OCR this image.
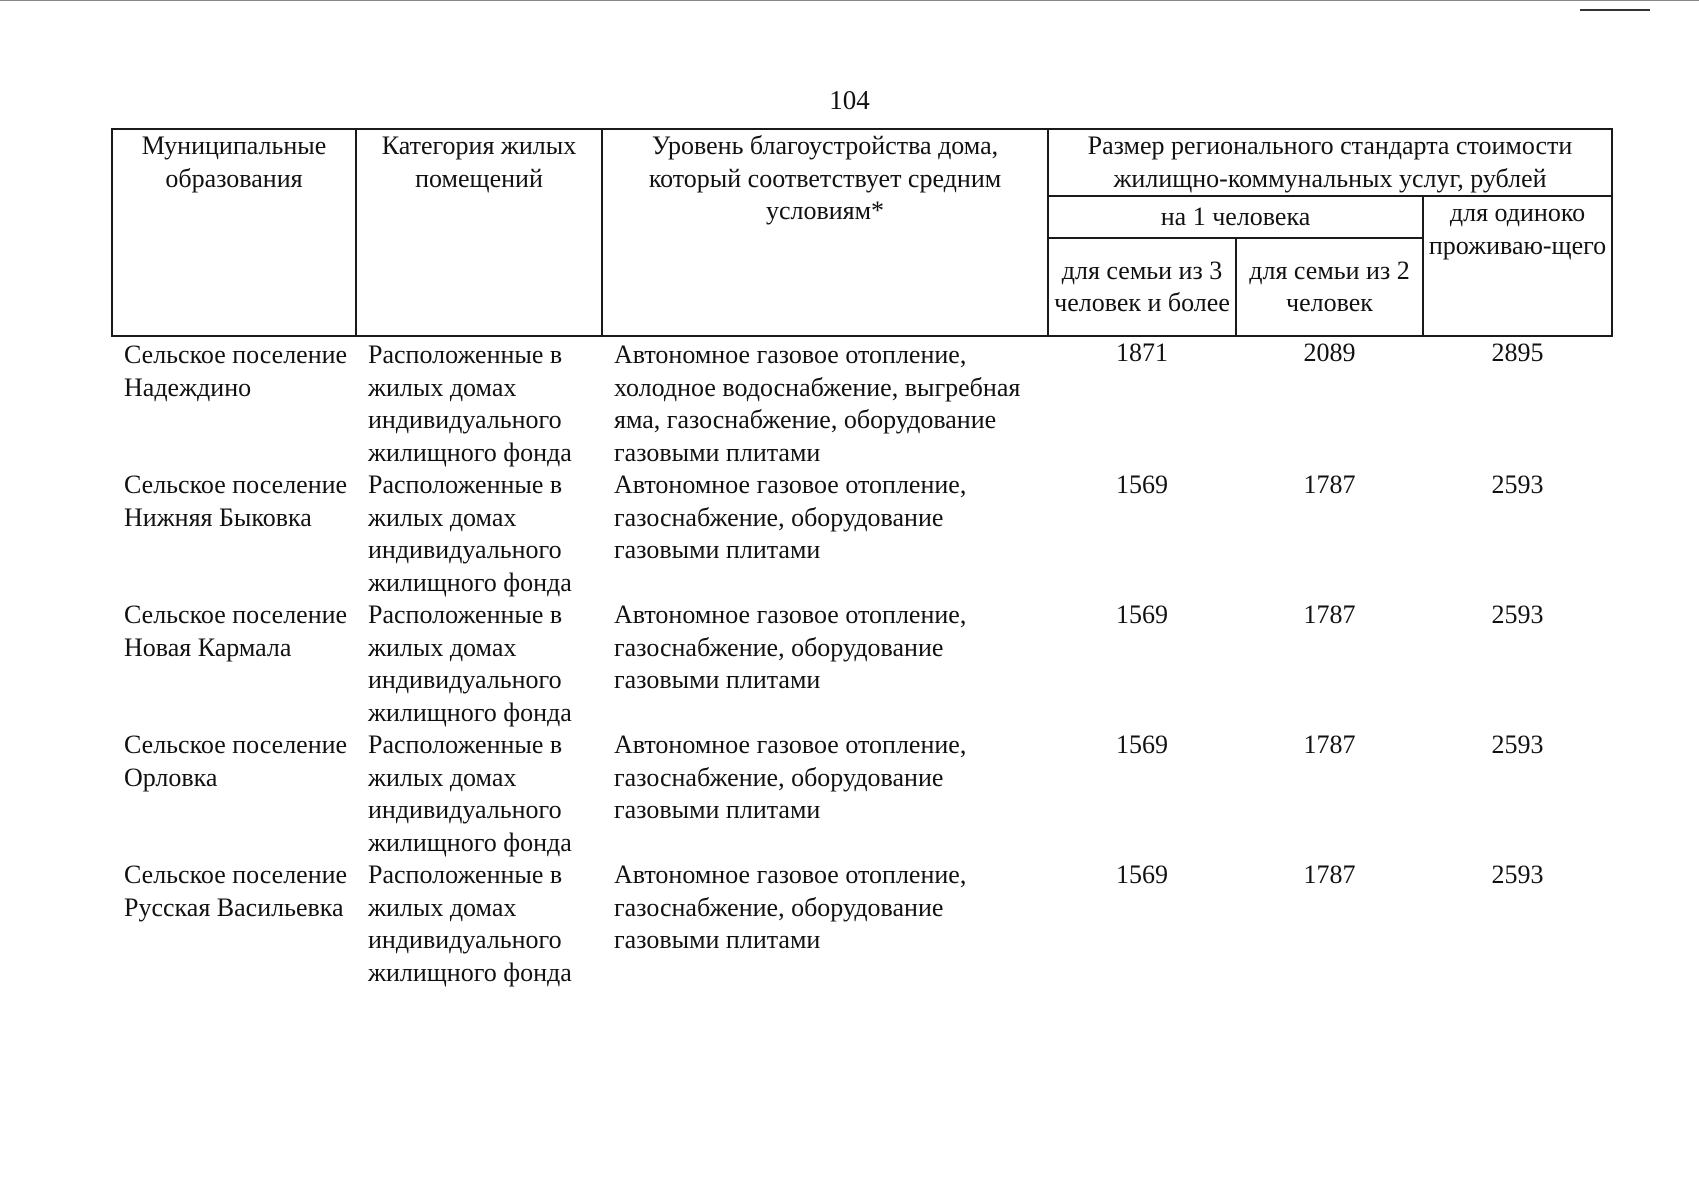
104
Муниципальные образования	Категория жилых помещений	Уровень благоустройства дома, который соответствует средним условиям*	Размер регионального стандарта стоимости жилищно-коммунальных услуг, рублей		
			на 1 человека		для одиноко проживаю-щего
			для семьи из 3 человек и более	для семьи из 2 человек	
Сельское поселение Надеждино	Расположенные в жилых домах индивидуального жилищного фонда	Автономное газовое отопление, холодное водоснабжение, выгребная яма, газоснабжение, оборудование газовыми плитами	1871	2089	2895
Сельское поселение Нижняя Быковка	Расположенные в жилых домах индивидуального жилищного фонда	Автономное газовое отопление, газоснабжение, оборудование газовыми плитами	1569	1787	2593
Сельское поселение Новая Кармала	Расположенные в жилых домах индивидуального жилищного фонда	Автономное газовое отопление, газоснабжение, оборудование газовыми плитами	1569	1787	2593
Сельское поселение Орловка	Расположенные в жилых домах индивидуального жилищного фонда	Автономное газовое отопление, газоснабжение, оборудование газовыми плитами	1569	1787	2593
Сельское поселение Русская Васильевка	Расположенные в жилых домах индивидуального жилищного фонда	Автономное газовое отопление, газоснабжение, оборудование газовыми плитами	1569	1787	2593
